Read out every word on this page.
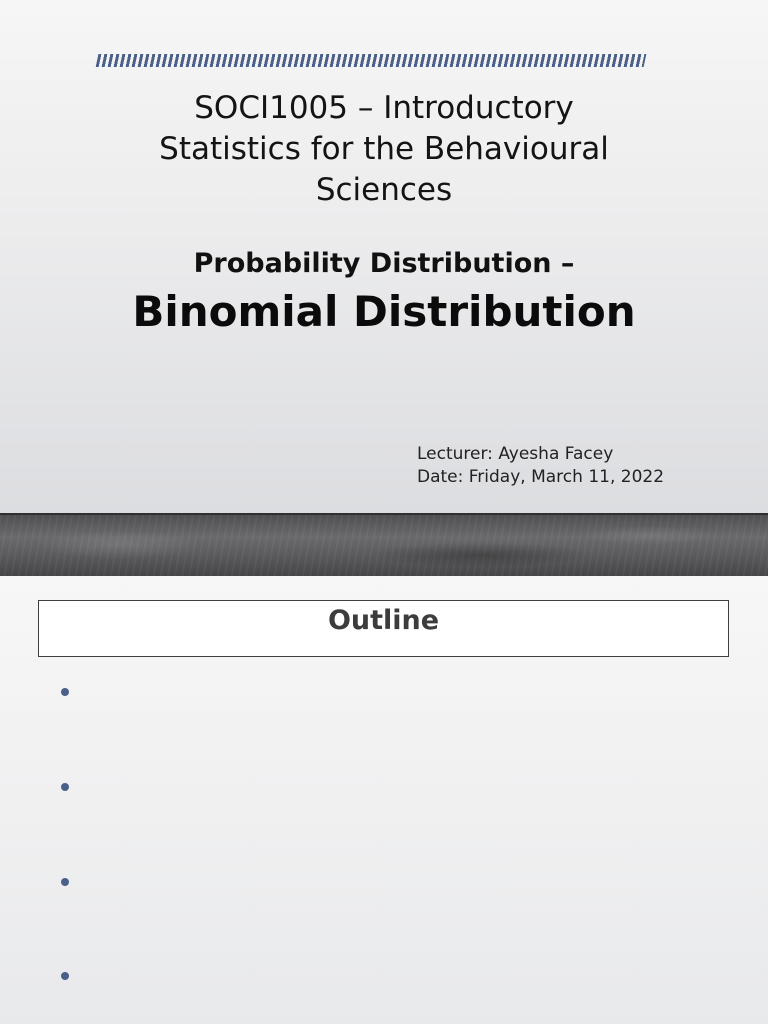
SOCI1005 – Introductory
Statistics for the Behavioural
Sciences
Probability Distribution –
Binomial Distribution
Lecturer: Ayesha Facey
Date: Friday, March 11, 2022
Outline
